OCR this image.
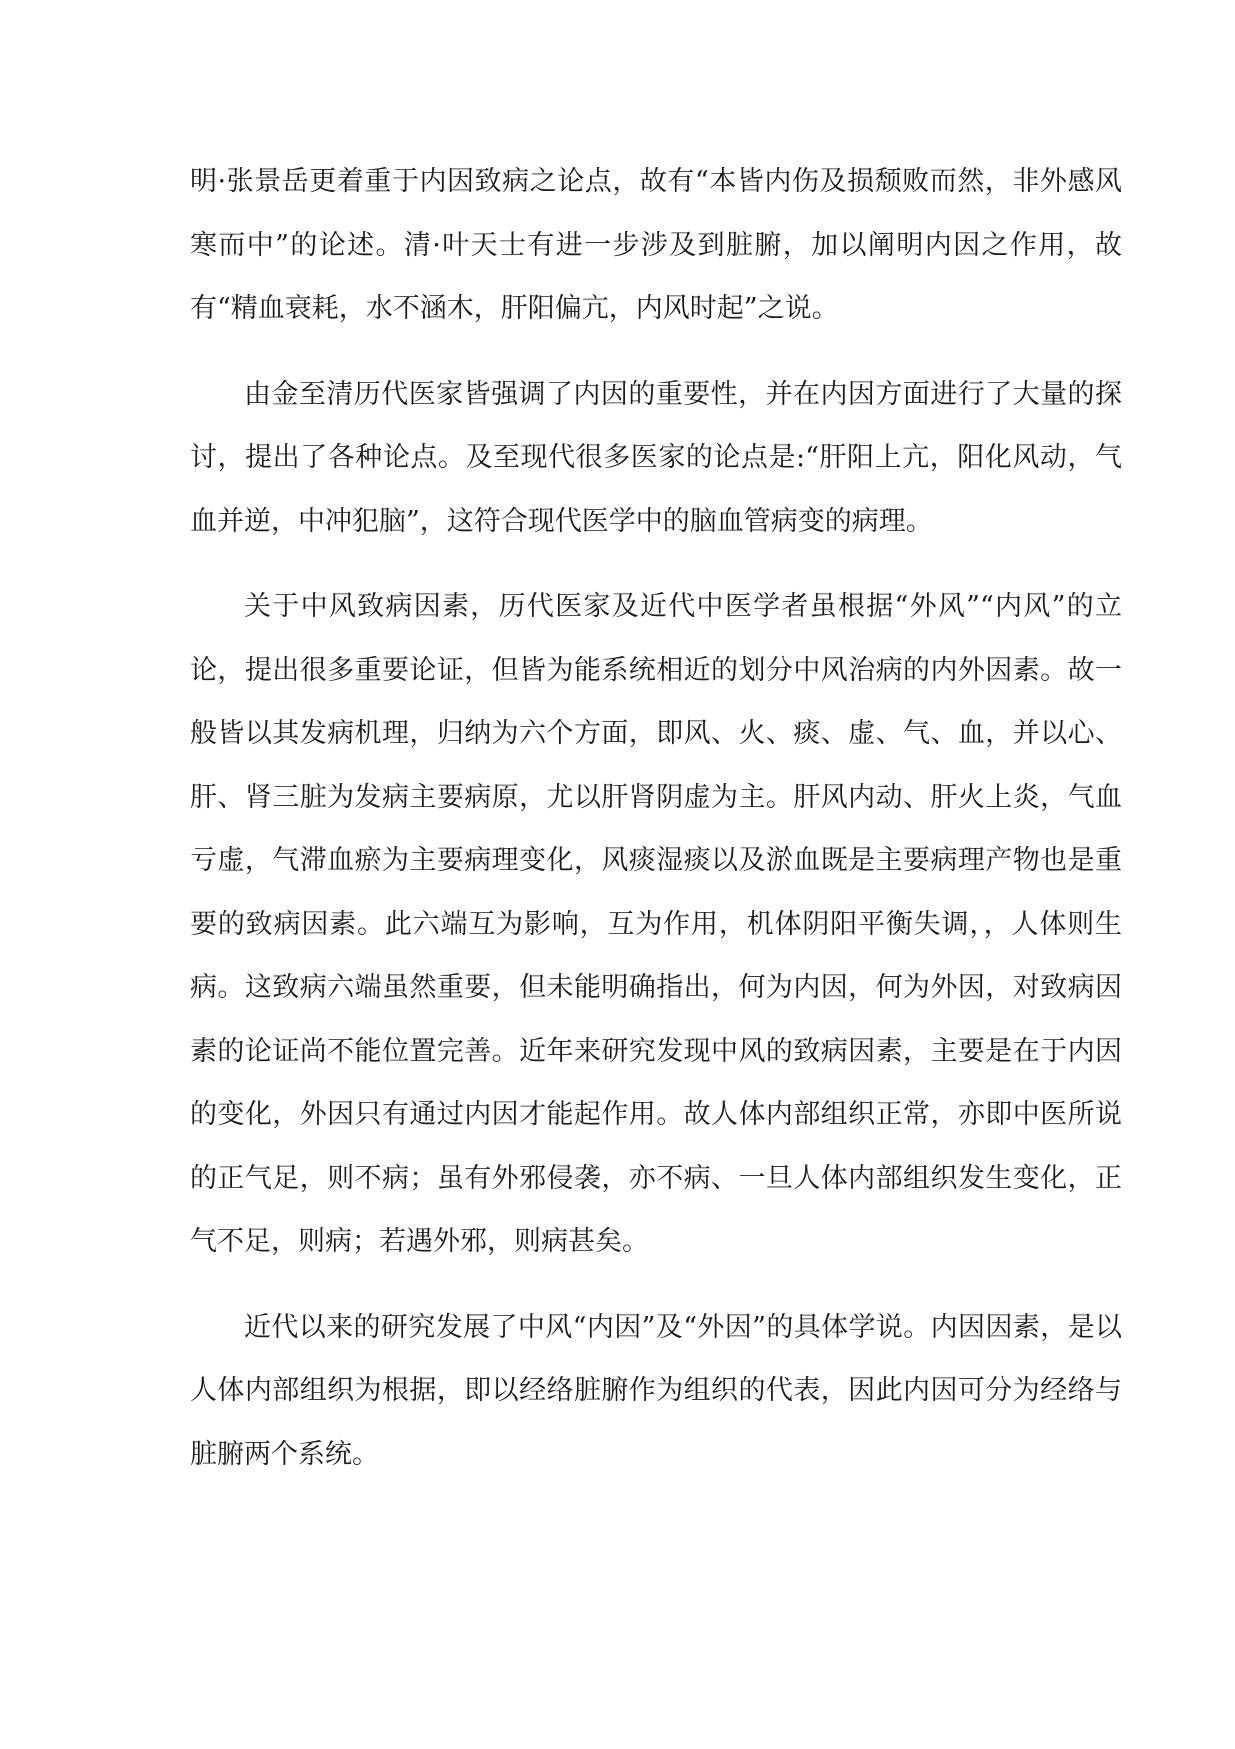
明·张景岳更着重于内因致病之论点，故有“本皆内伤及损颓败而然，非外感风寒而中”的论述。清·叶天士有进一步涉及到脏腑，加以阐明内因之作用，故有“精血衰耗，水不涵木，肝阳偏亢，内风时起”之说。

由金至清历代医家皆强调了内因的重要性，并在内因方面进行了大量的探讨，提出了各种论点。及至现代很多医家的论点是:“肝阳上亢，阳化风动，气血并逆，中冲犯脑”，这符合现代医学中的脑血管病变的病理。

关于中风致病因素，历代医家及近代中医学者虽根据“外风”“内风”的立论，提出很多重要论证，但皆为能系统相近的划分中风治病的内外因素。故一般皆以其发病机理，归纳为六个方面，即风、火、痰、虚、气、血，并以心、肝、肾三脏为发病主要病原，尤以肝肾阴虚为主。肝风内动、肝火上炎，气血亏虚，气滞血瘀为主要病理变化，风痰湿痰以及淤血既是主要病理产物也是重要的致病因素。此六端互为影响，互为作用，机体阴阳平衡失调，，人体则生病。这致病六端虽然重要，但未能明确指出，何为内因，何为外因，对致病因素的论证尚不能位置完善。近年来研究发现中风的致病因素，主要是在于内因的变化，外因只有通过内因才能起作用。故人体内部组织正常，亦即中医所说的正气足，则不病；虽有外邪侵袭，亦不病、一旦人体内部组织发生变化，正气不足，则病；若遇外邪，则病甚矣。

近代以来的研究发展了中风“内因”及“外因”的具体学说。内因因素，是以人体内部组织为根据，即以经络脏腑作为组织的代表，因此内因可分为经络与脏腑两个系统。
